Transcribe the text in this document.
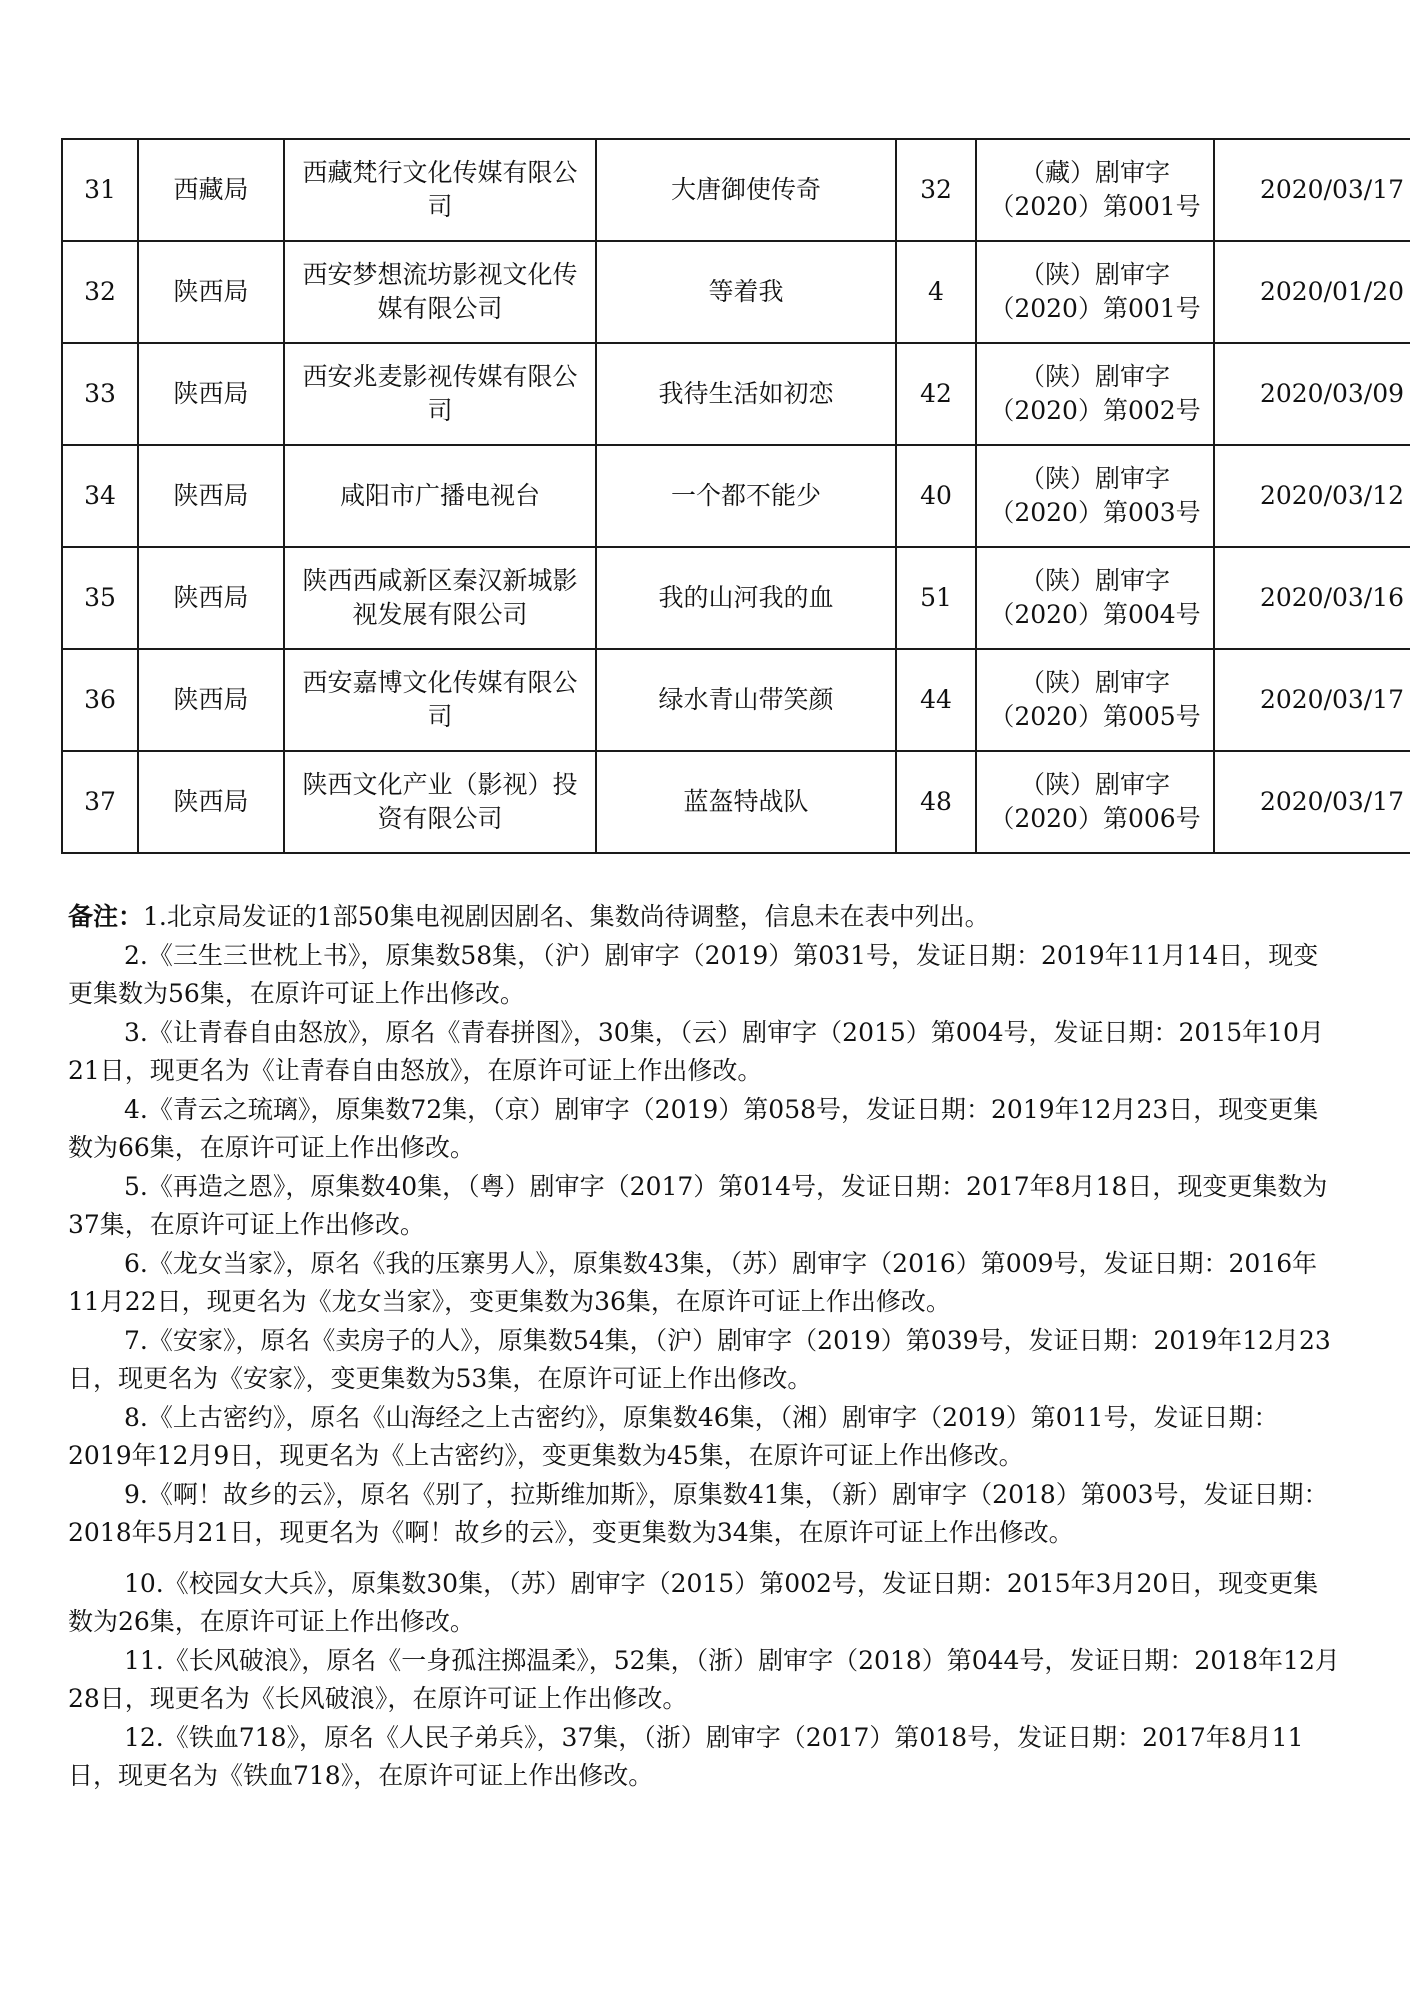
31	西藏局	西藏梵行文化传媒有限公司	大唐御使传奇	32	（藏）剧审字
（2020）第001号	2020/03/17
32	陕西局	西安梦想流坊影视文化传媒有限公司	等着我	4	（陕）剧审字
（2020）第001号	2020/01/20
33	陕西局	西安兆麦影视传媒有限公司	我待生活如初恋	42	（陕）剧审字
（2020）第002号	2020/03/09
34	陕西局	咸阳市广播电视台	一个都不能少	40	（陕）剧审字
（2020）第003号	2020/03/12
35	陕西局	陕西西咸新区秦汉新城影视发展有限公司	我的山河我的血	51	（陕）剧审字
（2020）第004号	2020/03/16
36	陕西局	西安嘉博文化传媒有限公司	绿水青山带笑颜	44	（陕）剧审字
（2020）第005号	2020/03/17
37	陕西局	陕西文化产业（影视）投资有限公司	蓝盔特战队	48	（陕）剧审字
（2020）第006号	2020/03/17
备注：1.北京局发证的1部50集电视剧因剧名、集数尚待调整，信息未在表中列出。
2.《三生三世枕上书》，原集数58集，（沪）剧审字（2019）第031号，发证日期：2019年11月14日，现变更集数为56集，在原许可证上作出修改。
3.《让青春自由怒放》，原名《青春拼图》，30集，（云）剧审字（2015）第004号，发证日期：2015年10月21日，现更名为《让青春自由怒放》，在原许可证上作出修改。
4.《青云之琉璃》，原集数72集，（京）剧审字（2019）第058号，发证日期：2019年12月23日，现变更集数为66集，在原许可证上作出修改。
5.《再造之恩》，原集数40集，（粤）剧审字（2017）第014号，发证日期：2017年8月18日，现变更集数为37集，在原许可证上作出修改。
6.《龙女当家》，原名《我的压寨男人》，原集数43集，（苏）剧审字（2016）第009号，发证日期：2016年11月22日，现更名为《龙女当家》，变更集数为36集，在原许可证上作出修改。
7.《安家》，原名《卖房子的人》，原集数54集，（沪）剧审字（2019）第039号，发证日期：2019年12月23日，现更名为《安家》，变更集数为53集，在原许可证上作出修改。
8.《上古密约》，原名《山海经之上古密约》，原集数46集，（湘）剧审字（2019）第011号，发证日期：2019年12月9日，现更名为《上古密约》，变更集数为45集，在原许可证上作出修改。
9.《啊！故乡的云》，原名《别了，拉斯维加斯》，原集数41集，（新）剧审字（2018）第003号，发证日期：2018年5月21日，现更名为《啊！故乡的云》，变更集数为34集，在原许可证上作出修改。
10.《校园女大兵》，原集数30集，（苏）剧审字（2015）第002号，发证日期：2015年3月20日，现变更集数为26集，在原许可证上作出修改。
11.《长风破浪》，原名《一身孤注掷温柔》，52集，（浙）剧审字（2018）第044号，发证日期：2018年12月28日，现更名为《长风破浪》，在原许可证上作出修改。
12.《铁血718》，原名《人民子弟兵》，37集，（浙）剧审字（2017）第018号，发证日期：2017年8月11日，现更名为《铁血718》，在原许可证上作出修改。
